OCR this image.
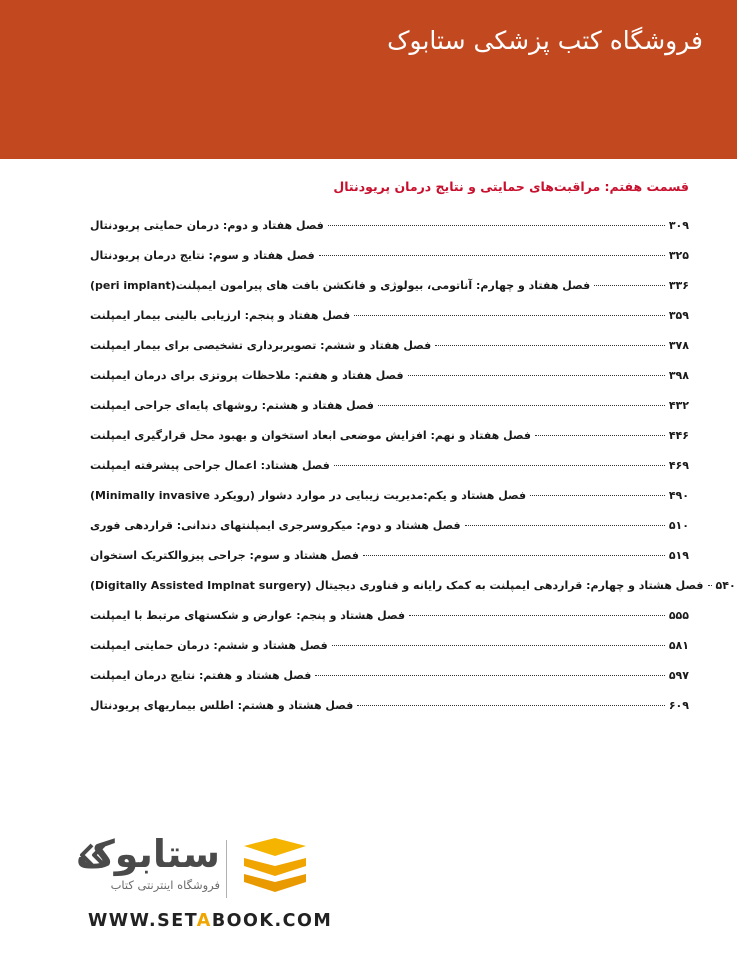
فروشگاه کتب پزشکی ستابوک
قسمت هفتم: مراقبت‌های حمایتی و نتایج درمان پریودنتال
فصل هفتاد و دوم: درمان حمایتی پریودنتال	۳۰۹
فصل هفتاد و سوم: نتایج درمان پریودنتال	۳۲۵
فصل هفتاد و چهارم: آناتومی، بیولوژی و فانکشن بافت های پیرامون ایمپلنت(peri implant)	۳۳۶
فصل هفتاد و پنجم: ارزیابی بالینی بیمار ایمپلنت	۳۵۹
فصل هفتاد و ششم: تصویربرداری تشخیصی برای بیمار ایمپلنت	۳۷۸
فصل هفتاد و هفتم: ملاحظات پروتزی برای درمان ایمپلنت	۳۹۸
فصل هفتاد و هشتم: روشهای پایه‌ای جراحی ایمپلنت	۴۳۲
فصل هفتاد و نهم: افزایش موضعی ابعاد استخوان و بهبود محل قرارگیری ایمپلنت	۴۴۶
فصل هشتاد: اعمال جراحی پیشرفته ایمپلنت	۴۶۹
فصل هشتاد و یکم:مدیریت زیبایی در موارد دشوار (رویکرد Minimally invasive)	۴۹۰
فصل هشتاد و دوم: میکروسرجری ایمپلنتهای دندانی: قراردهی فوری	۵۱۰
فصل هشتاد و سوم: جراحی پیزوالکتریک استخوان	۵۱۹
فصل هشتاد و چهارم: قراردهی ایمپلنت به کمک رایانه و فناوری دیجیتال (Digitally Assisted Implnat surgery) ۵۴۰
فصل هشتاد و پنجم: عوارض و شکستهای مرتبط با ایمپلنت	۵۵۵
فصل هشتاد و ششم: درمان حمایتی ایمپلنت	۵۸۱
فصل هشتاد و هفتم: نتایج درمان ایمپلنت	۵۹۷
فصل هشتاد و هشتم: اطلس بیماریهای پریودنتال	۶۰۹
ستابوک
فروشگاه اینترنتی کتاب
WWW.SETABOOK.COM
